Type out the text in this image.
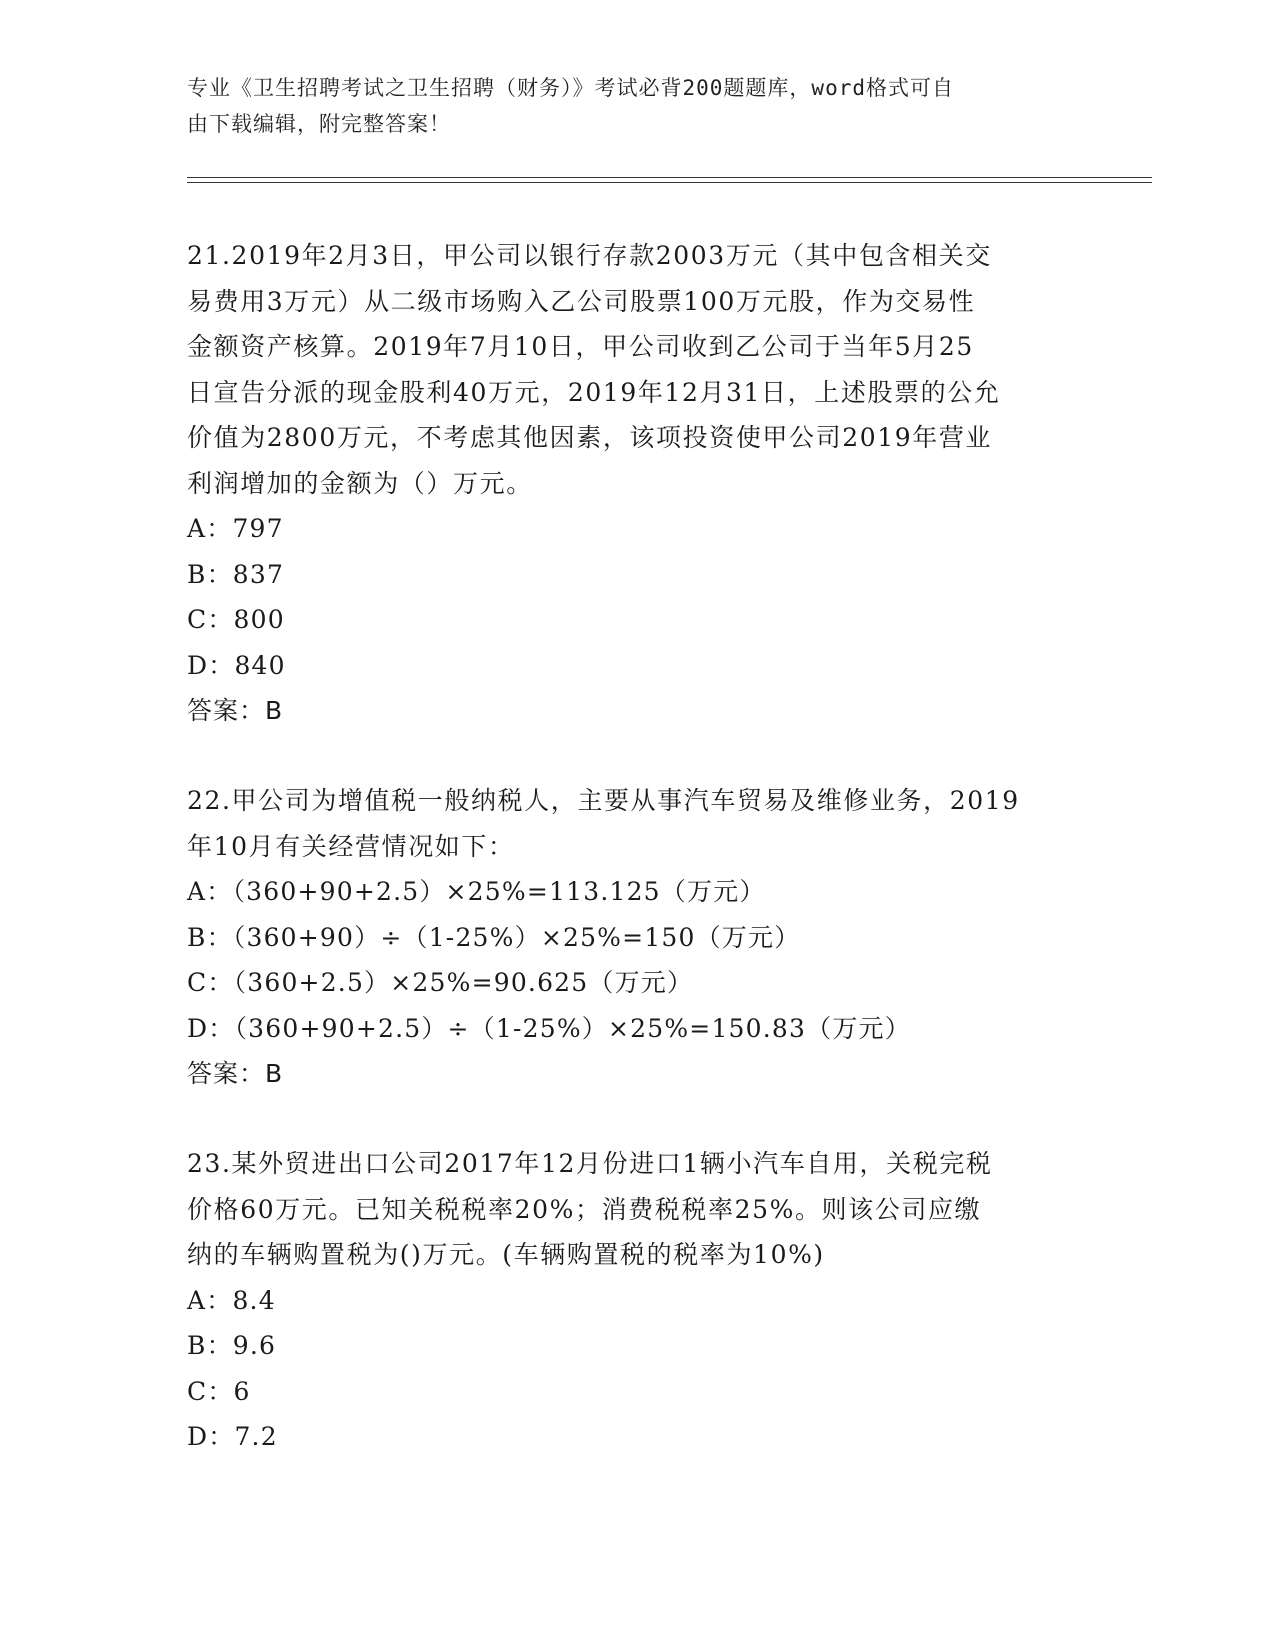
专业《卫生招聘考试之卫生招聘（财务）》考试必背200题题库，word格式可自
由下载编辑，附完整答案！

21.2019年2月3日，甲公司以银行存款2003万元（其中包含相关交

易费用3万元）从二级市场购入乙公司股票100万元股，作为交易性

金额资产核算。2019年7月10日，甲公司收到乙公司于当年5月25

日宣告分派的现金股利40万元，2019年12月31日，上述股票的公允

价值为2800万元，不考虑其他因素，该项投资使甲公司2019年营业

利润增加的金额为（）万元。

A：797

B：837

C：800

D：840

答案：B

22.甲公司为增值税一般纳税人，主要从事汽车贸易及维修业务，2019

年10月有关经营情况如下：

A：（360+90+2.5）×25%=113.125（万元）

B：（360+90）÷（1-25%）×25%=150（万元）

C：（360+2.5）×25%=90.625（万元）

D：（360+90+2.5）÷（1-25%）×25%=150.83（万元）

答案：B

23.某外贸进出口公司2017年12月份进口1辆小汽车自用，关税完税

价格60万元。已知关税税率20%；消费税税率25%。则该公司应缴

纳的车辆购置税为()万元。(车辆购置税的税率为10%)

A：8.4

B：9.6

C：6

D：7.2
